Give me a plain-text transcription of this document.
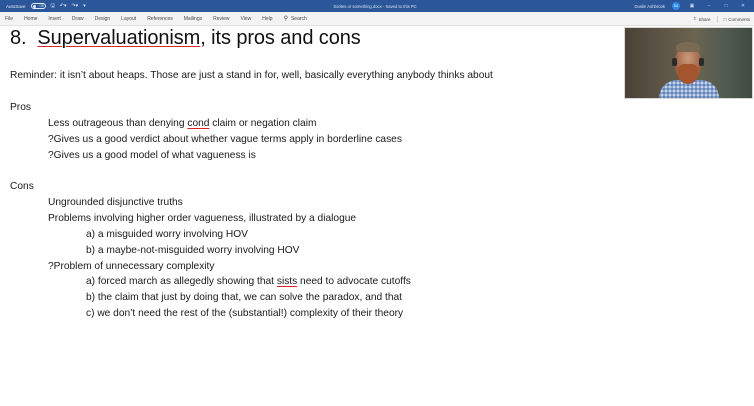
AutoSave	Off 🖫 ↶▾ ↷▾ ▾	Sorites or something.docx - Saved to this PC	Dustin Ashbrook	DA	▣	–	□	✕
File Home Insert Draw Design Layout References Mailings Review View Help ⚲ Search	⇧ Share	□ Comments
8. Supervaluationism, its pros and cons
Reminder: it isn’t about heaps. Those are just a stand in for, well, basically everything anybody thinks about
Pros
Less outrageous than denying cond claim or negation claim
?Gives us a good verdict about whether vague terms apply in borderline cases
?Gives us a good model of what vagueness is
Cons
Ungrounded disjunctive truths
Problems involving higher order vagueness, illustrated by a dialogue
a) a misguided worry involving HOV
b) a maybe-not-misguided worry involving HOV
?Problem of unnecessary complexity
a) forced march as allegedly showing that sists need to advocate cutoffs
b) the claim that just by doing that, we can solve the paradox, and that
c) we don’t need the rest of the (substantial!) complexity of their theory
